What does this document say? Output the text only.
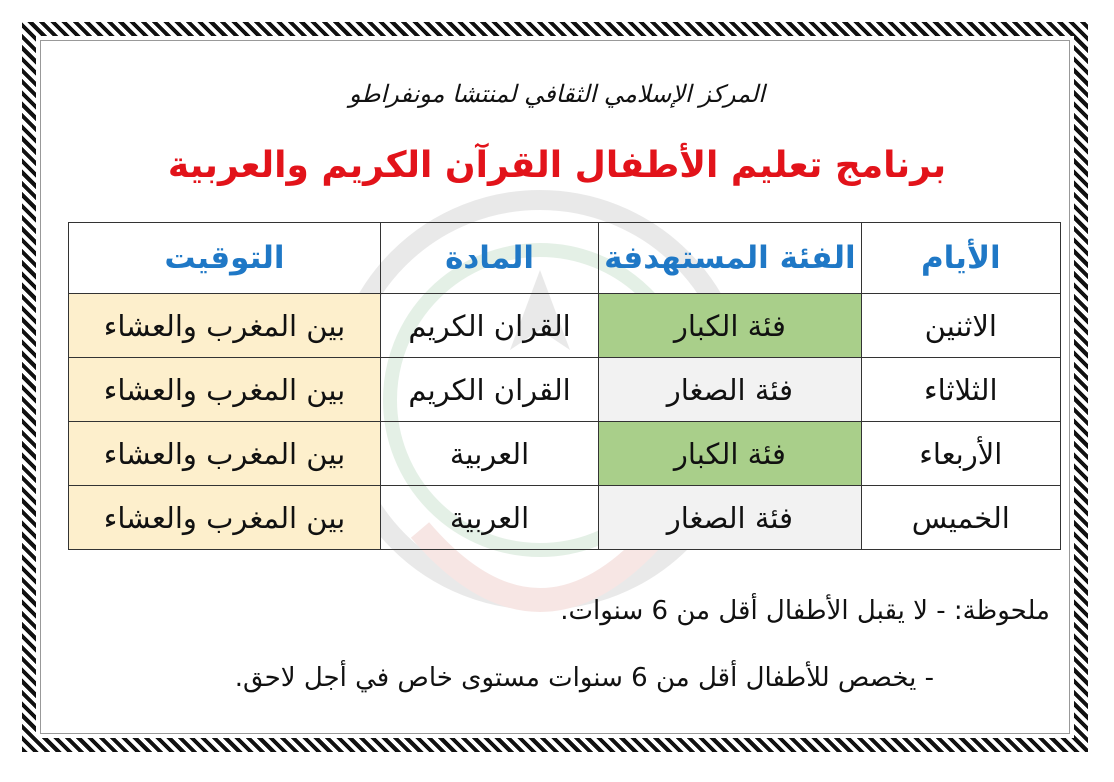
المركز الإسلامي الثقافي لمنتشا مونفراطو
برنامج تعليم الأطفال القرآن الكريم والعربية
الأيام	الفئة المستهدفة	المادة	التوقيت
الاثنين	فئة الكبار	القران الكريم	بين المغرب والعشاء
الثلاثاء	فئة الصغار	القران الكريم	بين المغرب والعشاء
الأربعاء	فئة الكبار	العربية	بين المغرب والعشاء
الخميس	فئة الصغار	العربية	بين المغرب والعشاء
ملحوظة: - لا يقبل الأطفال أقل من 6 سنوات.
- يخصص للأطفال أقل من 6 سنوات مستوى خاص في أجل لاحق.
